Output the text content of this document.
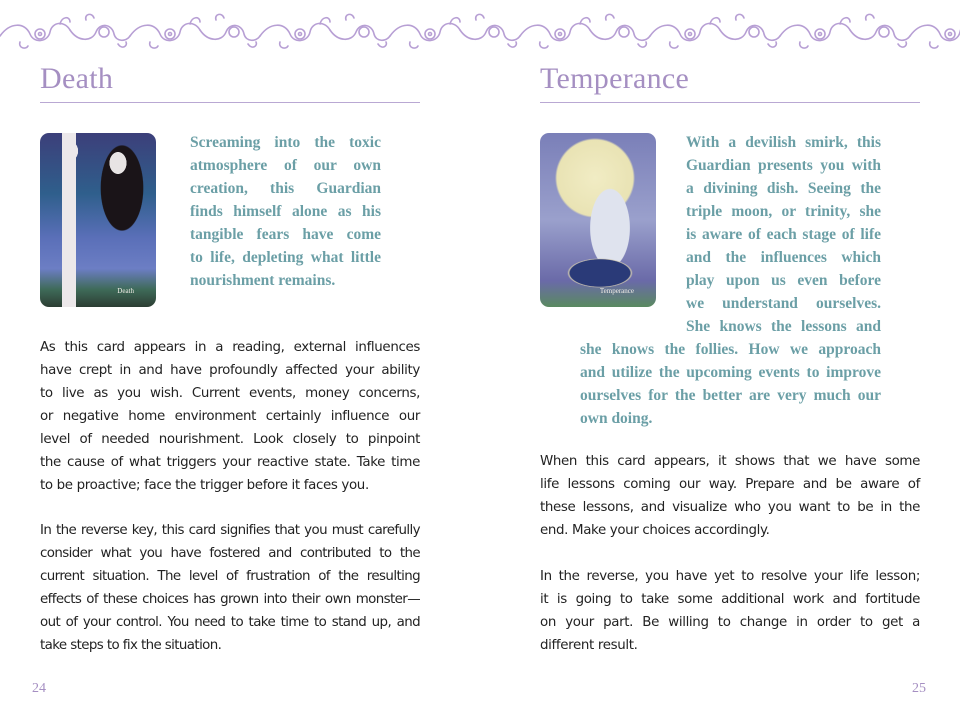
Death
Death
Screaming into the toxic
atmosphere of our own
creation, this Guardian
finds himself alone as his
tangible fears have come
to life, depleting what little
nourishment remains.
As this card appears in a reading, external influences
have crept in and have profoundly affected your ability
to live as you wish. Current events, money concerns,
or negative home environment certainly influence our
level of needed nourishment. Look closely to pinpoint
the cause of what triggers your reactive state. Take time
to be proactive; face the trigger before it faces you.
In the reverse key, this card signifies that you must carefully
consider what you have fostered and contributed to the
current situation. The level of frustration of the resulting
effects of these choices has grown into their own monster—
out of your control. You need to take time to stand up, and
take steps to fix the situation.
24
Temperance
Temperance
With a devilish smirk, this
Guardian presents you with
a divining dish. Seeing the
triple moon, or trinity, she
is aware of each stage of life
and the influences which
play upon us even before
we understand ourselves.
She knows the lessons and
she knows the follies. How we approach
and utilize the upcoming events to improve
ourselves for the better are very much our
own doing.
When this card appears, it shows that we have some
life lessons coming our way. Prepare and be aware of
these lessons, and visualize who you want to be in the
end. Make your choices accordingly.
In the reverse, you have yet to resolve your life lesson;
it is going to take some additional work and fortitude
on your part. Be willing to change in order to get a
different result.
25
